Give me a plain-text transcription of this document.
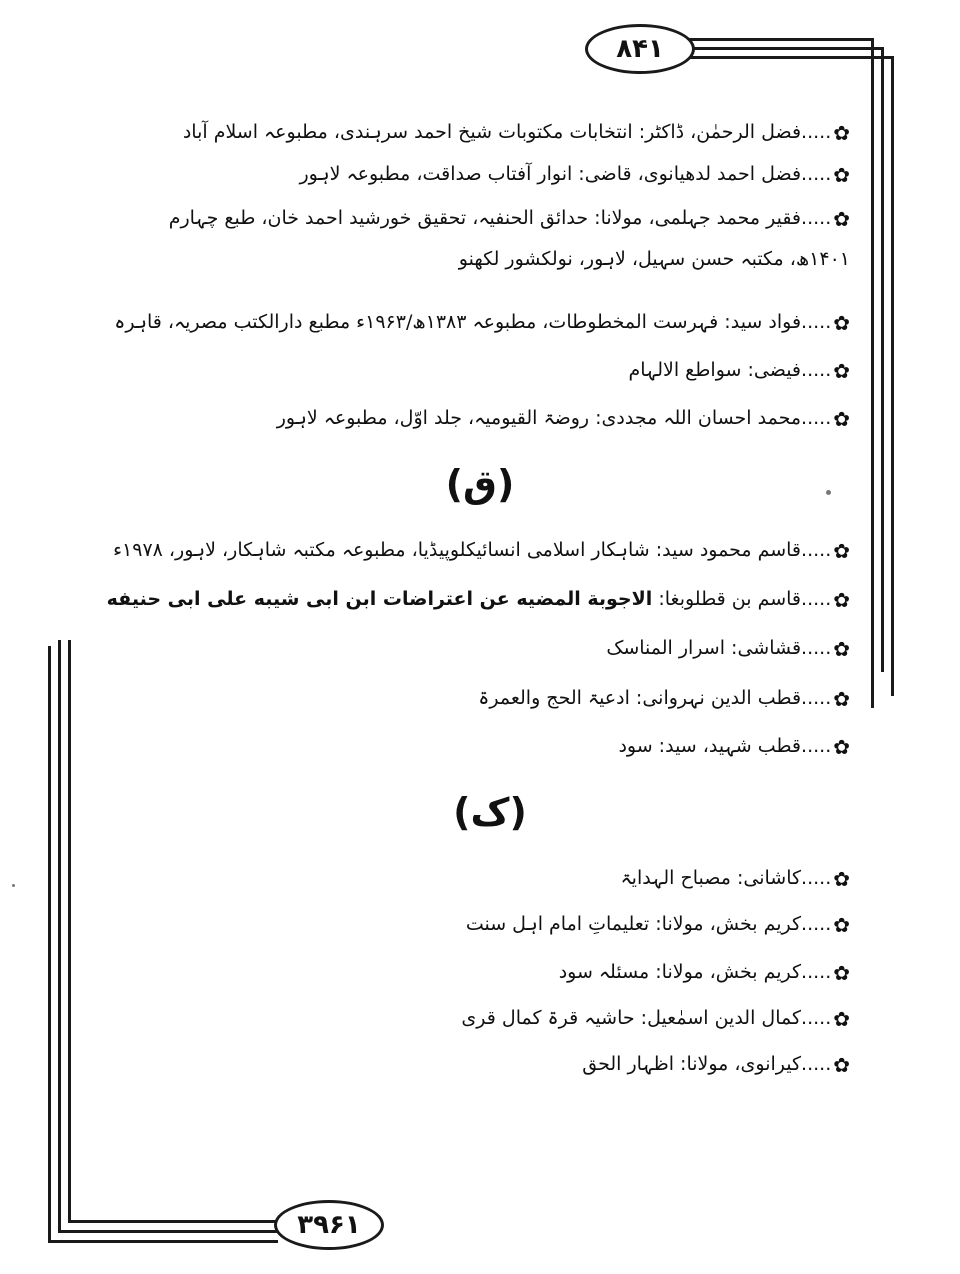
۸۴۱
۳۹۶۱
✿.....فضل الرحمٰن، ڈاکٹر: انتخابات مکتوبات شیخ احمد سرہندی، مطبوعہ اسلام آباد
✿.....فضل احمد لدھیانوی، قاضی: انوار آفتاب صداقت، مطبوعہ لاہور
✿.....فقیر محمد جہلمی، مولانا: حدائق الحنفیہ، تحقیق خورشید احمد خان، طبع چہارم ۱۴۰۱ھ، مکتبہ حسن سہیل، لاہور، نولکشور لکھنو
✿.....فواد سید: فہرست المخطوطات، مطبوعہ ۱۳۸۳ھ/۱۹۶۳ء مطبع دارالکتب مصریہ، قاہرہ
✿.....فیضی: سواطع الالہام
✿.....محمد احسان اللہ مجددی: روضۃ القیومیہ، جلد اوّل، مطبوعہ لاہور
(ق)
✿.....قاسم محمود سید: شاہکار اسلامی انسائیکلوپیڈیا، مطبوعہ مکتبہ شاہکار، لاہور، ۱۹۷۸ء
✿.....قاسم بن قطلوبغا: الاجوبة المضيه عن اعتراضات ابن ابى شيبه على ابى حنيفه
✿.....قشاشی: اسرار المناسک
✿.....قطب الدین نہروانی: ادعیۃ الحج والعمرۃ
✿.....قطب شہید، سید: سود
(ک)
✿.....کاشانی: مصباح الہدایۃ
✿.....کریم بخش، مولانا: تعلیماتِ امام اہل سنت
✿.....کریم بخش، مولانا: مسئلہ سود
✿.....کمال الدین اسمٰعیل: حاشیہ قرۃ کمال قری
✿.....کیرانوی، مولانا: اظہار الحق
